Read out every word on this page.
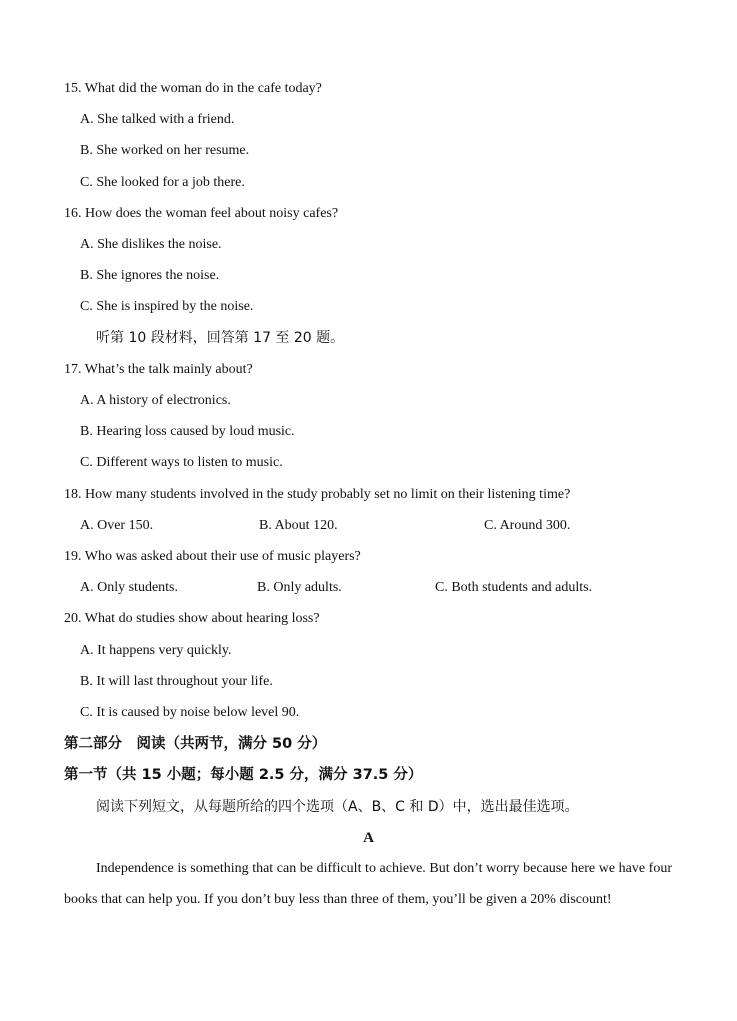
15. What did the woman do in the cafe today?
A. She talked with a friend.
B. She worked on her resume.
C. She looked for a job there.
16. How does the woman feel about noisy cafes?
A. She dislikes the noise.
B. She ignores the noise.
C. She is inspired by the noise.
听第 10 段材料，回答第 17 至 20 题。
17. What’s the talk mainly about?
A. A history of electronics.
B. Hearing loss caused by loud music.
C. Different ways to listen to music.
18. How many students involved in the study probably set no limit on their listening time?
A. Over 150.	B. About 120.	C. Around 300.
19. Who was asked about their use of music players?
A. Only students.	B. Only adults.	C. Both students and adults.
20. What do studies show about hearing loss?
A. It happens very quickly.
B. It will last throughout your life.
C. It is caused by noise below level 90.
第二部分　阅读（共两节，满分 50 分）
第一节（共 15 小题；每小题 2.5 分，满分 37.5 分）
阅读下列短文，从每题所给的四个选项（A、B、C 和 D）中，选出最佳选项。
A
Independence is something that can be difficult to achieve. But don’t worry because here we have four books that can help you. If you don’t buy less than three of them, you’ll be given a 20% discount!
